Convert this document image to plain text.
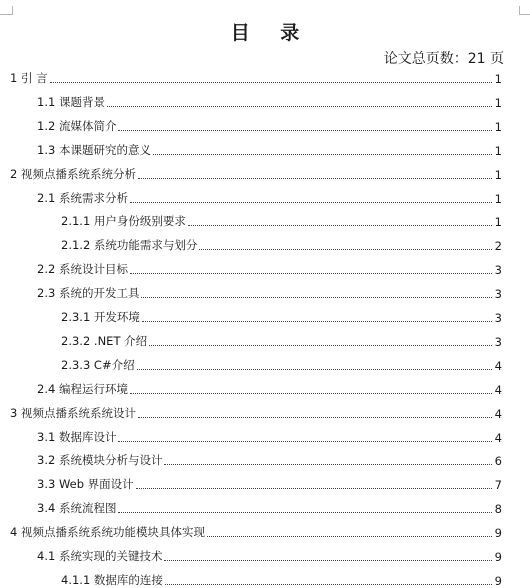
目 录
论文总页数：21 页
1 引 言	1
1.1 课题背景	1
1.2 流媒体简介	1
1.3 本课题研究的意义	1
2 视频点播系统系统分析	1
2.1 系统需求分析	1
2.1.1 用户身份级别要求	1
2.1.2 系统功能需求与划分	2
2.2 系统设计目标	3
2.3 系统的开发工具	3
2.3.1 开发环境	3
2.3.2 .NET 介绍	3
2.3.3 C#介绍	4
2.4 编程运行环境	4
3 视频点播系统系统设计	4
3.1 数据库设计	4
3.2 系统模块分析与设计	6
3.3 Web 界面设计	7
3.4 系统流程图	8
4 视频点播系统系统功能模块具体实现	9
4.1 系统实现的关键技术	9
4.1.1 数据库的连接	9
